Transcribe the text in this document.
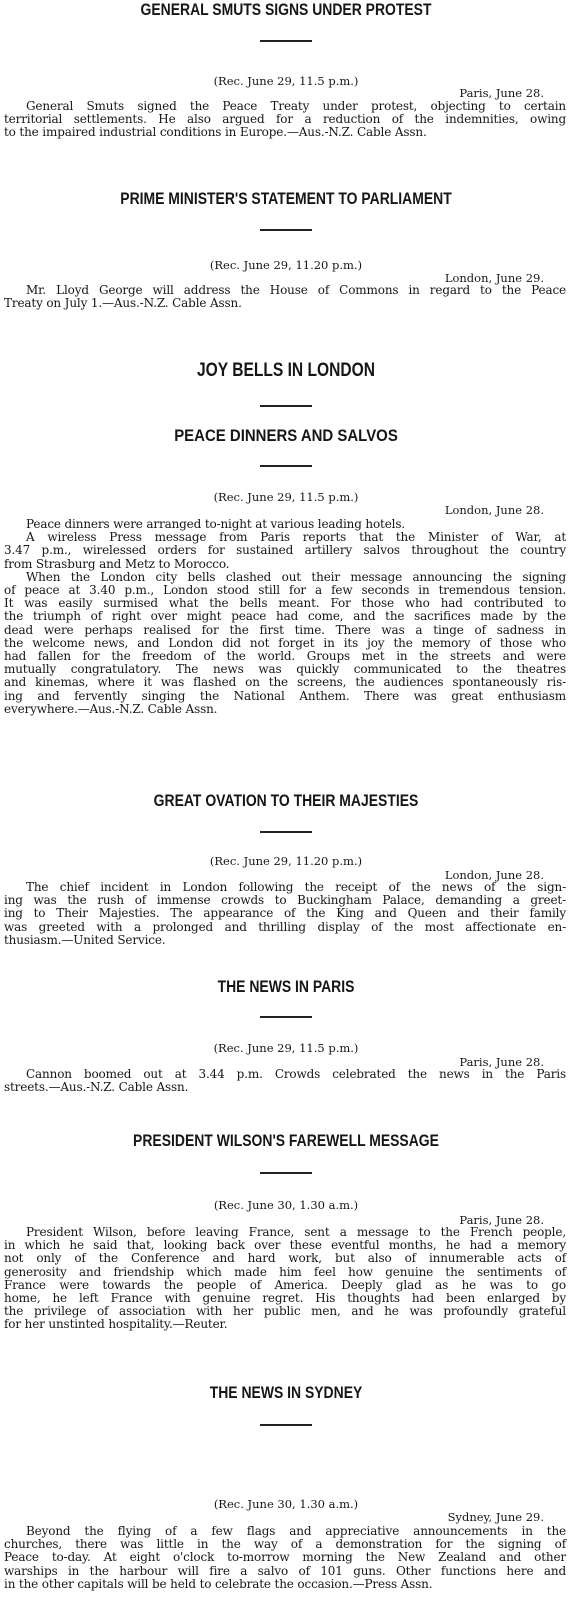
GENERAL SMUTS SIGNS UNDER PROTEST
(Rec. June 29, 11.5 p.m.)
Paris, June 28.
General Smuts signed the Peace Treaty under protest, objecting to certain
territorial settlements. He also argued for a reduction of the indemnities, owing
to the impaired industrial conditions in Europe.—Aus.-N.Z. Cable Assn.
PRIME MINISTER'S STATEMENT TO PARLIAMENT
(Rec. June 29, 11.20 p.m.)
London, June 29.
Mr. Lloyd George will address the House of Commons in regard to the Peace
Treaty on July 1.—Aus.-N.Z. Cable Assn.
JOY BELLS IN LONDON
PEACE DINNERS AND SALVOS
(Rec. June 29, 11.5 p.m.)
London, June 28.
Peace dinners were arranged to-night at various leading hotels.
A wireless Press message from Paris reports that the Minister of War, at
3.47 p.m., wirelessed orders for sustained artillery salvos throughout the country
from Strasburg and Metz to Morocco.
When the London city bells clashed out their message announcing the signing
of peace at 3.40 p.m., London stood still for a few seconds in tremendous tension.
It was easily surmised what the bells meant. For those who had contributed to
the triumph of right over might peace had come, and the sacrifices made by the
dead were perhaps realised for the first time. There was a tinge of sadness in
the welcome news, and London did not forget in its joy the memory of those who
had fallen for the freedom of the world. Groups met in the streets and were
mutually congratulatory. The news was quickly communicated to the theatres
and kinemas, where it was flashed on the screens, the audiences spontaneously ris-
ing and fervently singing the National Anthem. There was great enthusiasm
everywhere.—Aus.-N.Z. Cable Assn.
GREAT OVATION TO THEIR MAJESTIES
(Rec. June 29, 11.20 p.m.)
London, June 28.
The chief incident in London following the receipt of the news of the sign-
ing was the rush of immense crowds to Buckingham Palace, demanding a greet-
ing to Their Majesties. The appearance of the King and Queen and their family
was greeted with a prolonged and thrilling display of the most affectionate en-
thusiasm.—United Service.
THE NEWS IN PARIS
(Rec. June 29, 11.5 p.m.)
Paris, June 28.
Cannon boomed out at 3.44 p.m. Crowds celebrated the news in the Paris
streets.—Aus.-N.Z. Cable Assn.
PRESIDENT WILSON'S FAREWELL MESSAGE
(Rec. June 30, 1.30 a.m.)
Paris, June 28.
President Wilson, before leaving France, sent a message to the French people,
in which he said that, looking back over these eventful months, he had a memory
not only of the Conference and hard work, but also of innumerable acts of
generosity and friendship which made him feel how genuine the sentiments of
France were towards the people of America. Deeply glad as he was to go
home, he left France with genuine regret. His thoughts had been enlarged by
the privilege of association with her public men, and he was profoundly grateful
for her unstinted hospitality.—Reuter.
THE NEWS IN SYDNEY
(Rec. June 30, 1.30 a.m.)
Sydney, June 29.
Beyond the flying of a few flags and appreciative announcements in the
churches, there was little in the way of a demonstration for the signing of
Peace to-day. At eight o'clock to-morrow morning the New Zealand and other
warships in the harbour will fire a salvo of 101 guns. Other functions here and
in the other capitals will be held to celebrate the occasion.—Press Assn.
